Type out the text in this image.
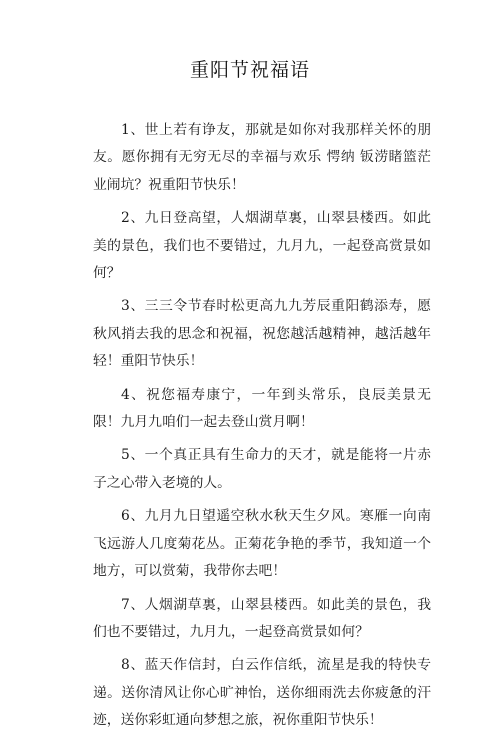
重阳节祝福语

1、世上若有诤友，那就是如你对我那样关怀的朋友。愿你拥有无穷无尽的幸福与欢乐 愕纳 钣涝睹篮茫 业闹坑？祝重阳节快乐！

2、九日登高望，人烟湖草裏，山翠县楼西。如此美的景色，我们也不要错过，九月九，一起登高赏景如何？

3、三三令节春时松更高九九芳辰重阳鹤添寿，愿秋风捎去我的思念和祝福，祝您越活越精神，越活越年轻！重阳节快乐！

4、祝您福寿康宁，一年到头常乐，良辰美景无限！九月九咱们一起去登山赏月啊！

5、一个真正具有生命力的天才，就是能将一片赤子之心带入老境的人。

6、九月九日望遥空秋水秋天生夕风。寒雁一向南飞远游人几度菊花丛。正菊花争艳的季节，我知道一个地方，可以赏菊，我带你去吧！

7、人烟湖草裏，山翠县楼西。如此美的景色，我们也不要错过，九月九，一起登高赏景如何？

8、蓝天作信封，白云作信纸，流星是我的特快专递。送你清风让你心旷神怡，送你细雨洗去你疲惫的汗迹，送你彩虹通向梦想之旅，祝你重阳节快乐！
